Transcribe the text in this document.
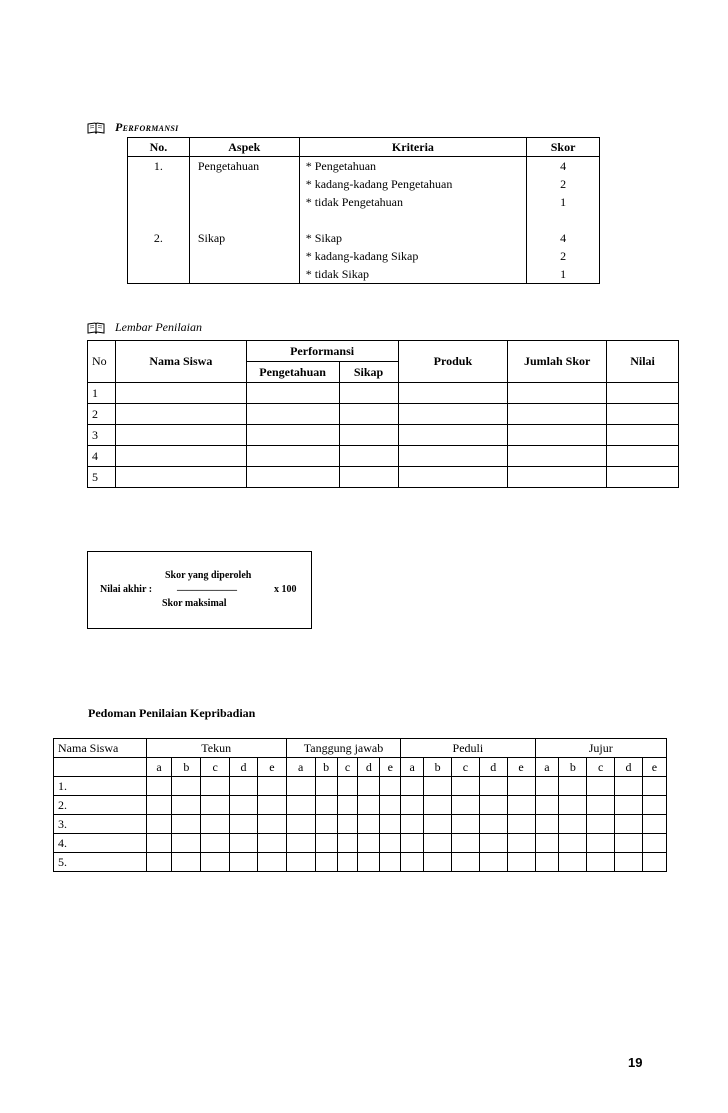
Performansi
No.	Aspek	Kriteria	Skor
1.	Pengetahuan	* Pengetahuan	4
		* kadang-kadang Pengetahuan	2
		* tidak Pengetahuan	1

2.	Sikap	* Sikap	4
		* kadang-kadang Sikap	2
		* tidak Sikap	1
Lembar Penilaian
No	Nama Siswa	Performansi		Produk	Jumlah Skor	Nilai
		Pengetahuan	Sikap			
1						
2						
3						
4						
5						
Skor yang diperoleh
Nilai akhir : ____________	x 100
Skor maksimal
Pedoman Penilaian Kepribadian
Nama Siswa	Tekun					Tanggung jawab					Peduli					Jujur				
	a	b	c	d	e	a	b	c	d	e	a	b	c	d	e	a	b	c	d	e
1.																				
2.																				
3.																				
4.																				
5.																				
19
